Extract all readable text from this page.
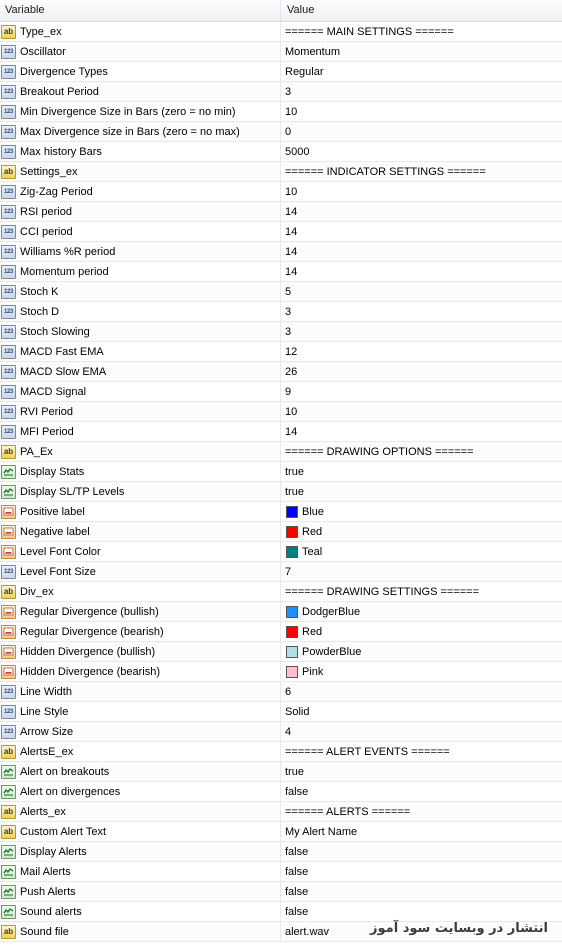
Variable	Value
ab
Type_ex	====== MAIN SETTINGS ======
123
Oscillator	Momentum
123
Divergence Types	Regular
123
Breakout Period	3
123
Min Divergence Size in Bars (zero = no min)	10
123
Max Divergence size in Bars (zero = no max)	0
123
Max history Bars	5000
ab
Settings_ex	====== INDICATOR SETTINGS ======
123
Zig-Zag Period	10
123
RSI period	14
123
CCI period	14
123
Williams %R period	14
123
Momentum period	14
123
Stoch K	5
123
Stoch D	3
123
Stoch Slowing	3
123
MACD Fast EMA	12
123
MACD Slow EMA	26
123
MACD Signal	9
123
RVI Period	10
123
MFI Period	14
ab
PA_Ex	====== DRAWING OPTIONS ======
Display Stats	true
Display SL/TP Levels	true
Positive label	Blue
Negative label	Red
Level Font Color	Teal
123
Level Font Size	7
ab
Div_ex	====== DRAWING SETTINGS ======
Regular Divergence (bullish)	DodgerBlue
Regular Divergence (bearish)	Red
Hidden Divergence (bullish)	PowderBlue
Hidden Divergence (bearish)	Pink
123
Line Width	6
123
Line Style	Solid
123
Arrow Size	4
ab
AlertsE_ex	====== ALERT EVENTS ======
Alert on breakouts	true
Alert on divergences	false
ab
Alerts_ex	====== ALERTS ======
ab
Custom Alert Text	My Alert Name
Display Alerts	false
Mail Alerts	false
Push Alerts	false
Sound alerts	false
ab
Sound file	alert.wav	انتشار در وبسایت سود آموز
